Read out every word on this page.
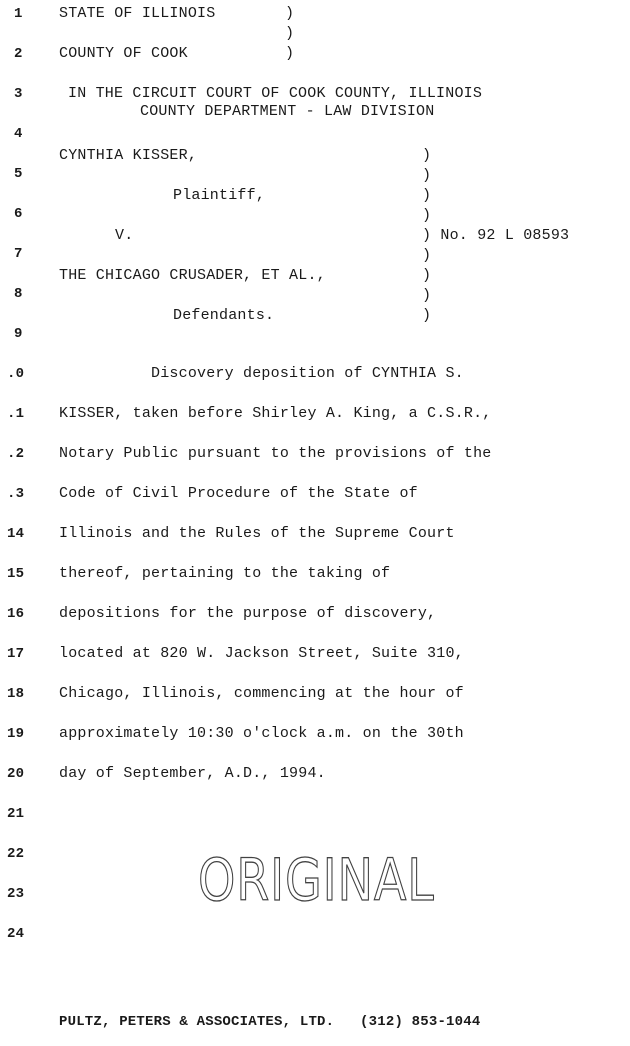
1
2
3
4
5
6
7
8
9
.0
.1
.2
.3
14
15
16
17
18
19
20
21
22
23
24
STATE OF ILLINOIS	)
)
COUNTY OF COOK	)
IN THE CIRCUIT COURT OF COOK COUNTY, ILLINOIS
COUNTY DEPARTMENT - LAW DIVISION
CYNTHIA KISSER,
Plaintiff,
V.
THE CHICAGO CRUSADER, ET AL.,
Defendants.
)
)
)
)
) No. 92 L 08593
)
)
)
)
Discovery deposition of CYNTHIA S.
KISSER, taken before Shirley A. King, a C.S.R.,
Notary Public pursuant to the provisions of the
Code of Civil Procedure of the State of
Illinois and the Rules of the Supreme Court
thereof, pertaining to the taking of
depositions for the purpose of discovery,
located at 820 W. Jackson Street, Suite 310,
Chicago, Illinois, commencing at the hour of
approximately 10:30 o'clock a.m. on the 30th
day of September, A.D., 1994.
ORIGINAL
PULTZ, PETERS & ASSOCIATES, LTD.   (312) 853-1044
